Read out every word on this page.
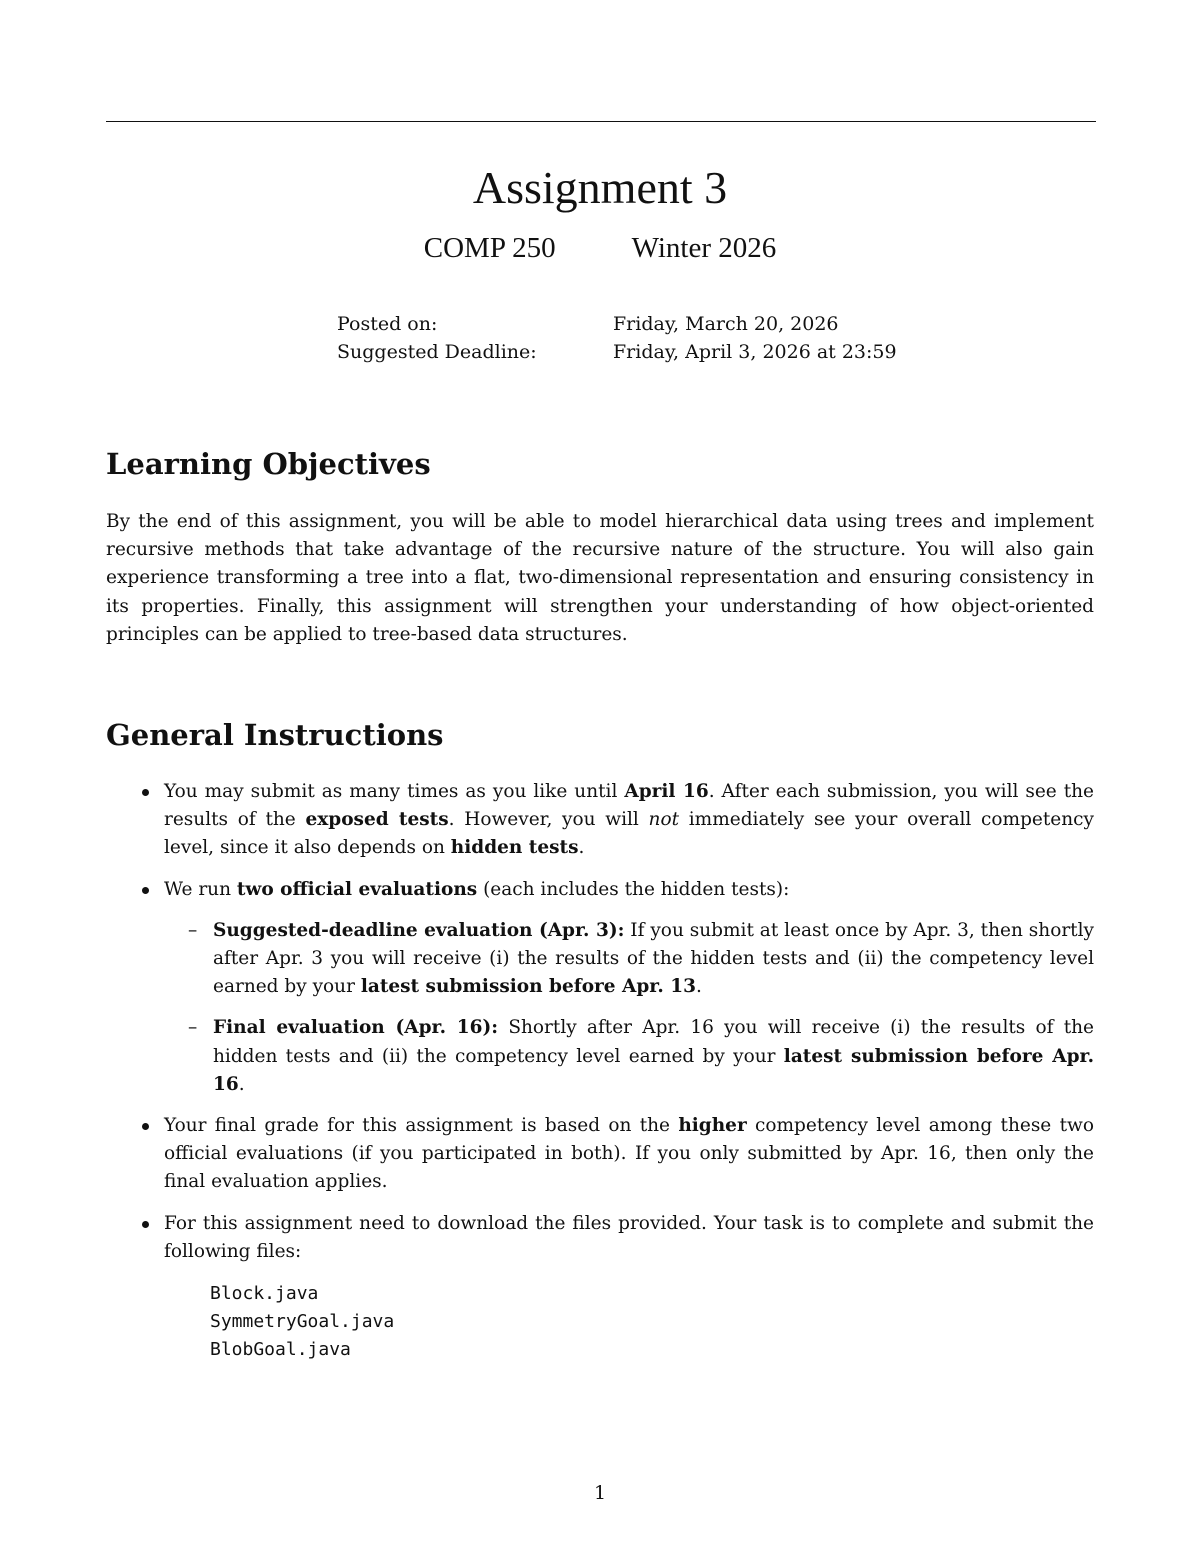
Assignment 3
COMP 250	Winter 2026
Posted on:	Friday, March 20, 2026
Suggested Deadline:	Friday, April 3, 2026 at 23:59
Learning Objectives

By the end of this assignment, you will be able to model hierarchical data using trees and implement recursive methods that take advantage of the recursive nature of the structure. You will also gain experience transforming a tree into a flat, two-dimensional representation and ensuring consistency in its properties. Finally, this assignment will strengthen your understanding of how object-oriented principles can be applied to tree-based data structures.

General Instructions
You may submit as many times as you like until April 16. After each submission, you will see the results of the exposed tests. However, you will not immediately see your overall competency level, since it also depends on hidden tests.
We run two official evaluations (each includes the hidden tests):
– Suggested-deadline evaluation (Apr. 3): If you submit at least once by Apr. 3, then shortly after Apr. 3 you will receive (i) the results of the hidden tests and (ii) the competency level earned by your latest submission before Apr. 13.
– Final evaluation (Apr. 16): Shortly after Apr. 16 you will receive (i) the results of the hidden tests and (ii) the competency level earned by your latest submission before Apr. 16.
Your final grade for this assignment is based on the higher competency level among these two official evaluations (if you participated in both). If you only submitted by Apr. 16, then only the final evaluation applies.
For this assignment need to download the files provided. Your task is to complete and submit the following files:
Block.java
SymmetryGoal.java
BlobGoal.java
1
